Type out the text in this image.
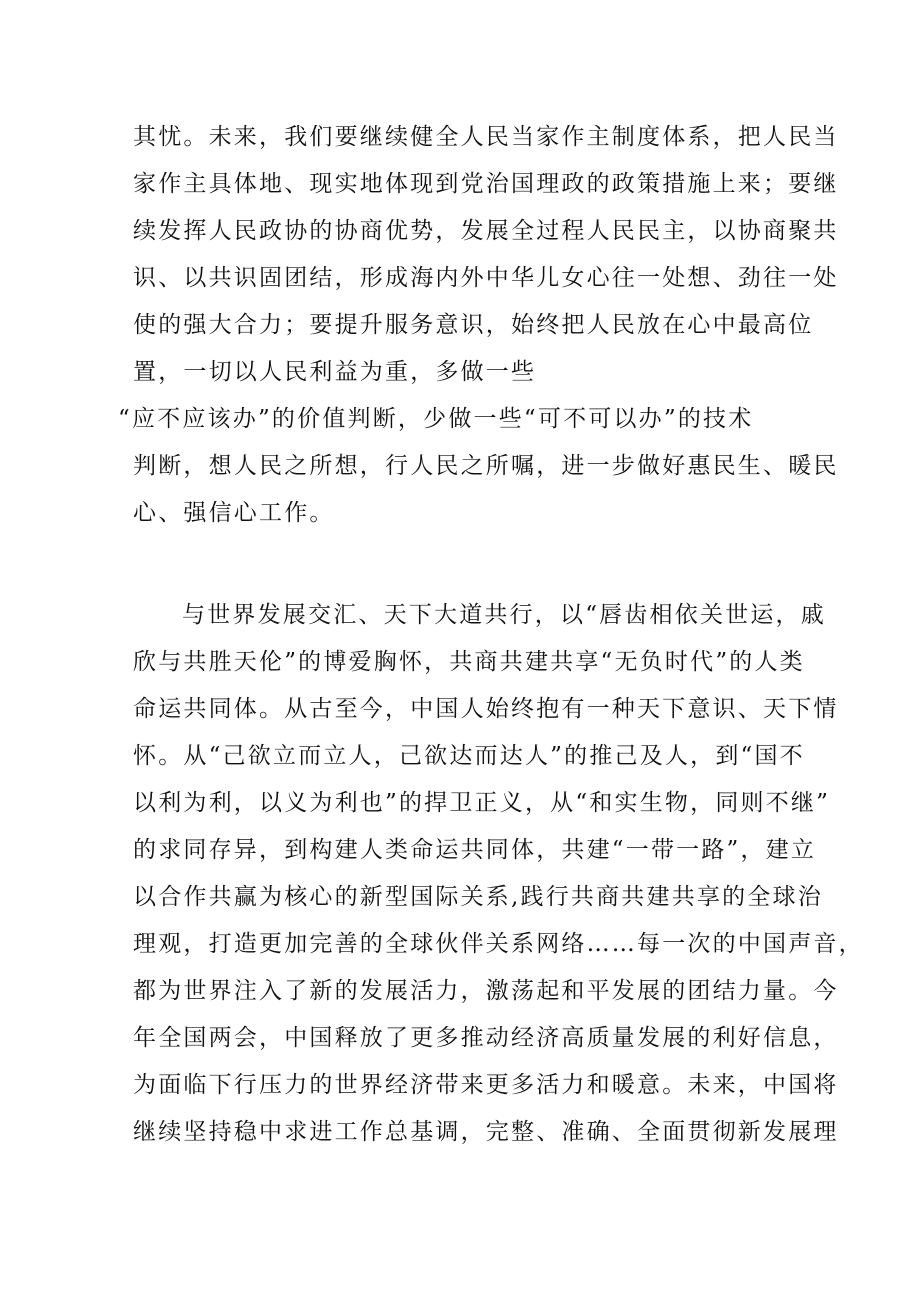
其忧。未来，我们要继续健全人民当家作主制度体系，把人民当
家作主具体地、现实地体现到党治国理政的政策措施上来；要继
续发挥人民政协的协商优势，发展全过程人民民主，以协商聚共
识、以共识固团结，形成海内外中华儿女心往一处想、劲往一处
使的强大合力；要提升服务意识，始终把人民放在心中最高位
置，一切以人民利益为重，多做一些
“应不应该办”的价值判断，少做一些“可不可以办”的技术
判断，想人民之所想，行人民之所嘱，进一步做好惠民生、暖民
心、强信心工作。
与世界发展交汇、天下大道共行，以“唇齿相依关世运，戚
欣与共胜天伦”的博爱胸怀，共商共建共享“无负时代”的人类
命运共同体。从古至今，中国人始终抱有一种天下意识、天下情
怀。从“己欲立而立人，己欲达而达人”的推己及人，到“国不
以利为利，以义为利也”的捍卫正义，从“和实生物，同则不继”
的求同存异，到构建人类命运共同体，共建“一带一路”，建立
以合作共赢为核心的新型国际关系,践行共商共建共享的全球治
理观，打造更加完善的全球伙伴关系网络……每一次的中国声音，
都为世界注入了新的发展活力，激荡起和平发展的团结力量。今
年全国两会，中国释放了更多推动经济高质量发展的利好信息，
为面临下行压力的世界经济带来更多活力和暖意。未来，中国将
继续坚持稳中求进工作总基调，完整、准确、全面贯彻新发展理
